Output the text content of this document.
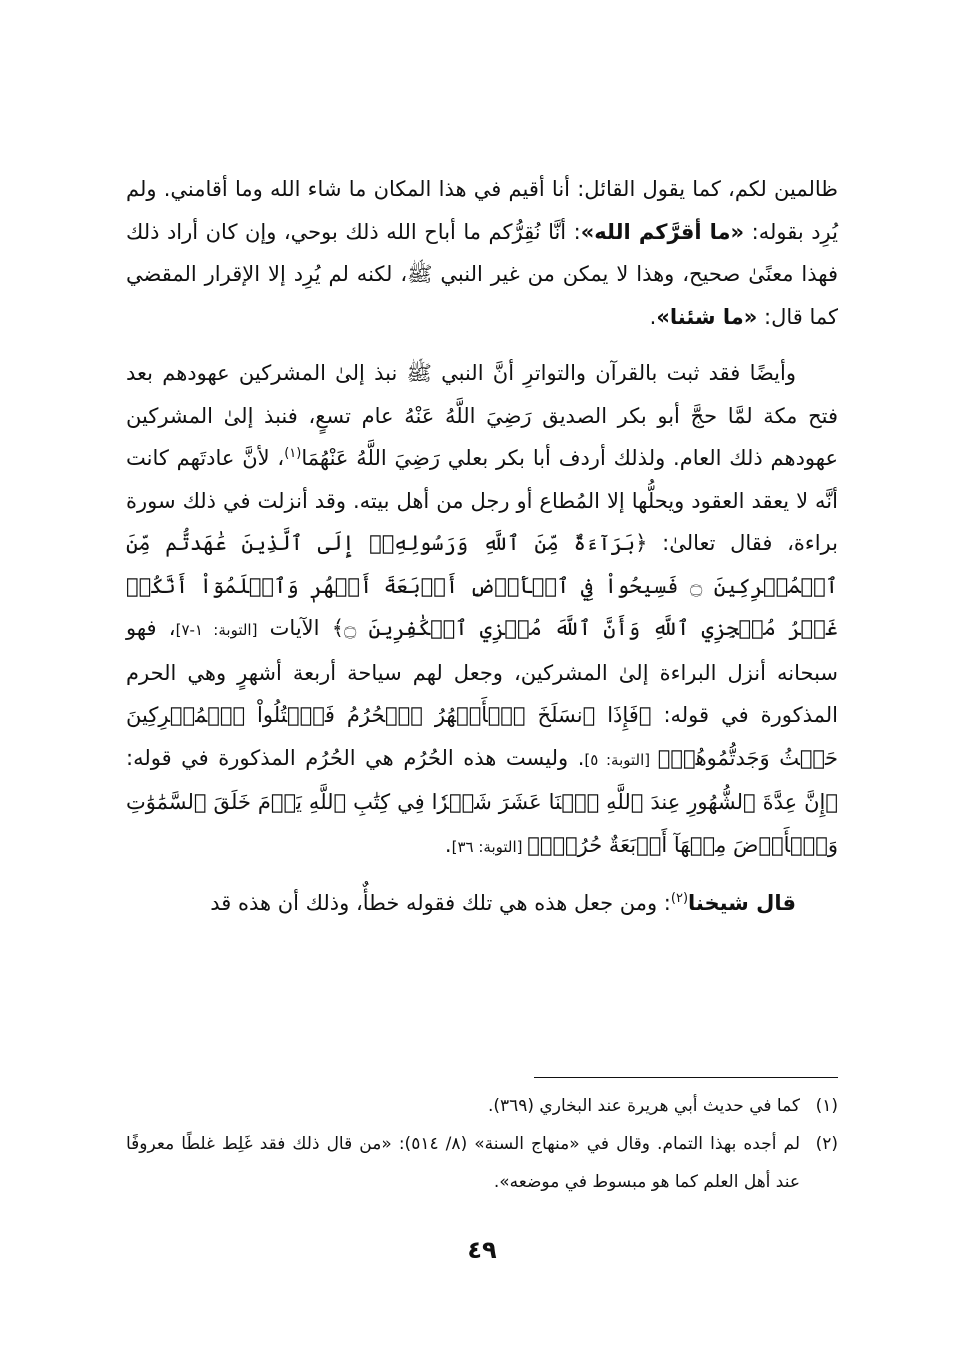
ظالمين لكم، كما يقول القائل: أنا أقيم في هذا المكان ما شاء الله وما أقامني. ولم يُرِد بقوله: «ما أقرَّكم الله»: أنَّا نُقِرُّكم ما أباح الله ذلك بوحي، وإن كان أراد ذلك فهذا معنًىٰ صحيح، وهذا لا يمكن من غير النبي ﷺ، لكنه لم يُرِد إلا الإقرار المقضي كما قال: «ما شئنا».

وأيضًا فقد ثبت بالقرآن والتواترِ أنَّ النبي ﷺ نبذ إلىٰ المشركين عهودهم بعد فتح مكة لمَّا حجَّ أبو بكر الصديق رَضِيَ اللَّهُ عَنْهُ عام تسعٍ، فنبذ إلىٰ المشركين عهودهم ذلك العام. ولذلك أردف أبا بكر بعلي رَضِيَ اللَّهُ عَنْهُمَا$^{(١)}$، لأنَّ عادتَهم كانت أنَّه لا يعقد العقود ويحلُّها إلا المُطاع أو رجل من أهل بيته. وقد أنزلت في ذلك سورة براءة، فقال تعالىٰ: ﴿بَرَآءَةٌ مِّنَ ٱللَّهِ وَرَسُولِهِۦٓ إِلَى ٱلَّذِينَ عَٰهَدتُّم مِّنَ ٱلۡمُشۡرِكِينَ ۝ فَسِيحُواْ فِي ٱلۡأَرۡضِ أَرۡبَعَةَ أَشۡهُرٖ وَٱعۡلَمُوٓاْ أَنَّكُمۡ غَيۡرُ مُعۡجِزِي ٱللَّهِ وَأَنَّ ٱللَّهَ مُخۡزِي ٱلۡكَٰفِرِينَ ۝﴾ الآيات [التوبة: ١-٧]، فهو سبحانه أنزل البراءة إلىٰ المشركين، وجعل لهم سياحة أربعة أشهرٍ وهي الحرم المذكورة في قوله: ﴿فَإِذَا ٱنسَلَخَ ٱلۡأَشۡهُرُ ٱلۡحُرُمُ فَٱقۡتُلُواْ ٱلۡمُشۡرِكِينَ حَيۡثُ وَجَدتُّمُوهُمۡ﴾ [التوبة: ٥]. وليست هذه الحُرُم هي الحُرُم المذكورة في قوله: ﴿إِنَّ عِدَّةَ ٱلشُّهُورِ عِندَ ٱللَّهِ ٱثۡنَا عَشَرَ شَهۡرٗا فِي كِتَٰبِ ٱللَّهِ يَوۡمَ خَلَقَ ٱلسَّمَٰوَٰتِ وَٱلۡأَرۡضَ مِنۡهَآ أَرۡبَعَةٌ حُرُمٞۚ﴾ [التوبة: ٣٦].

قال شيخنا$^{(٢)}$: ومن جعل هذه هي تلك فقوله خطأٌ، وذلك أن هذه قد

(١)
كما في حديث أبي هريرة عند البخاري (٣٦٩).

(٢)
لم أجده بهذا التمام. وقال في «منهاج السنة» (٨/ ٥١٤): «من قال ذلك فقد غَلِط غلطًا معروفًا عند أهل العلم كما هو مبسوط في موضعه».

٤٩
